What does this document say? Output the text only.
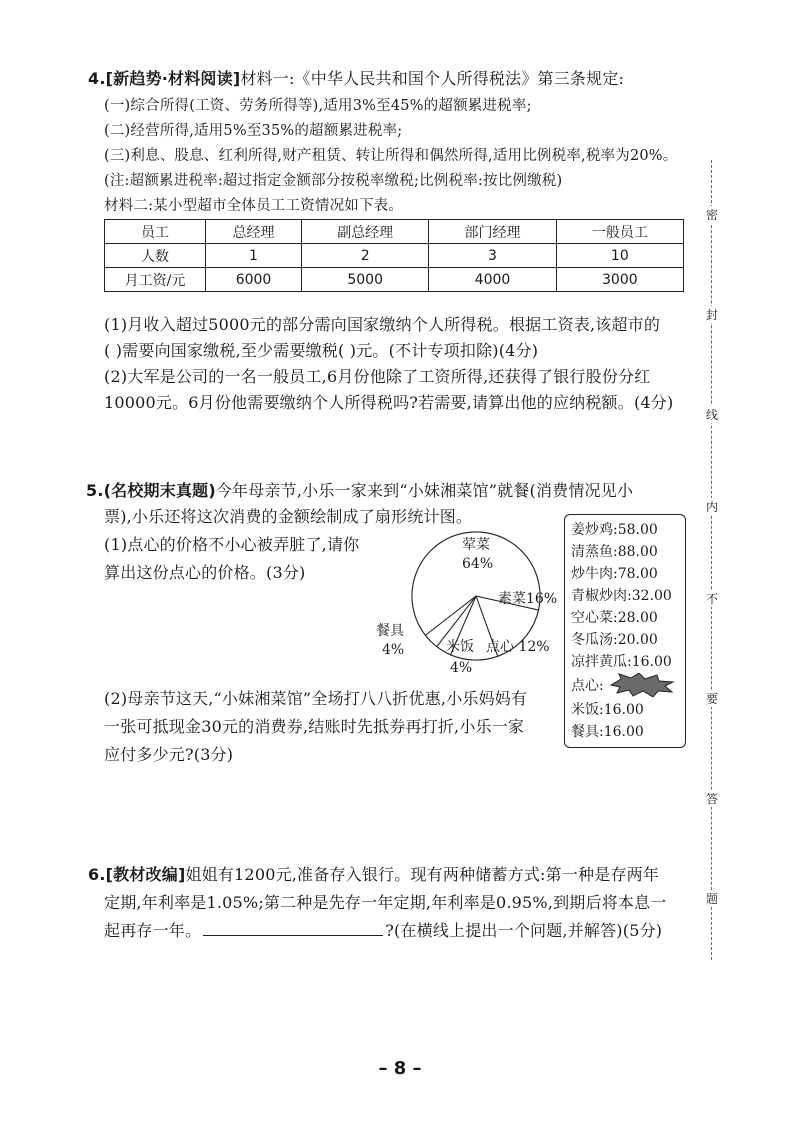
4.[新趋势·材料阅读]材料一:《中华人民共和国个人所得税法》第三条规定:
(一)综合所得(工资、劳务所得等),适用3%至45%的超额累进税率;
(二)经营所得,适用5%至35%的超额累进税率;
(三)利息、股息、红利所得,财产租赁、转让所得和偶然所得,适用比例税率,税率为20%。
(注:超额累进税率:超过指定金额部分按税率缴税;比例税率:按比例缴税)
材料二:某小型超市全体员工工资情况如下表。
员工	总经理	副总经理	部门经理	一般员工
人数	1	2	3	10
月工资/元	6000	5000	4000	3000
(1)月收入超过5000元的部分需向国家缴纳个人所得税。根据工资表,该超市的
( )需要向国家缴税,至少需要缴税( )元。(不计专项扣除)(4分)
(2)大军是公司的一名一般员工,6月份他除了工资所得,还获得了银行股份分红
10000元。6月份他需要缴纳个人所得税吗?若需要,请算出他的应纳税额。(4分)
5.(名校期末真题)今年母亲节,小乐一家来到“小妹湘菜馆”就餐(消费情况见小
票),小乐还将这次消费的金额绘制成了扇形统计图。
(1)点心的价格不小心被弄脏了,请你
算出这份点心的价格。(3分)
荤菜
64%
素菜16%
点心 12%
米饭
4%
餐具
4%
姜炒鸡:58.00
清蒸鱼:88.00
炒牛肉:78.00
青椒炒肉:32.00
空心菜:28.00
冬瓜汤:20.00
凉拌黄瓜:16.00
点心:
米饭:16.00
餐具:16.00
(2)母亲节这天,“小妹湘菜馆”全场打八八折优惠,小乐妈妈有
一张可抵现金30元的消费券,结账时先抵券再打折,小乐一家
应付多少元?(3分)
6.[教材改编]姐姐有1200元,准备存入银行。现有两种储蓄方式:第一种是存两年
定期,年利率是1.05%;第二种是先存一年定期,年利率是0.95%,到期后将本息一
起再存一年。	?(在横线上提出一个问题,并解答)(5分)
密
封
线
内
不
要
答
题
– 8 –
